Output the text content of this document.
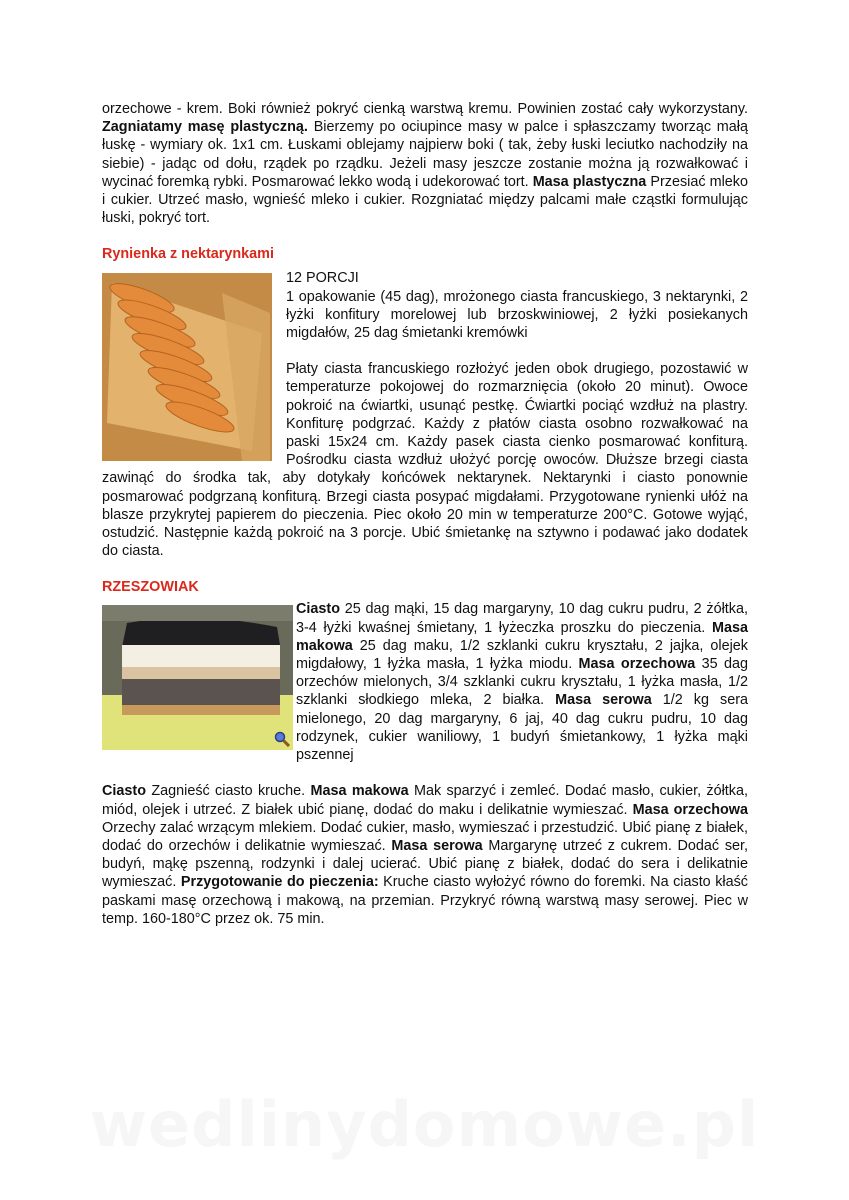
orzechowe - krem. Boki również pokryć cienką warstwą kremu. Powinien zostać cały wykorzystany. Zagniatamy masę plastyczną. Bierzemy po ociupince masy w palce i spłaszczamy tworząc małą łuskę - wymiary ok. 1x1 cm. Łuskami oblejamy najpierw boki ( tak, żeby łuski leciutko nachodziły na siebie) - jadąc od dołu, rządek po rządku. Jeżeli masy jeszcze zostanie można ją rozwałkować i wycinać foremką rybki. Posmarować lekko wodą i udekorować tort. Masa plastyczna Przesiać mleko i cukier. Utrzeć masło, wgnieść mleko i cukier. Rozgniatać między palcami małe cząstki formulując łuski, pokryć tort.

Rynienka z nektarynkami

12 PORCJI

1 opakowanie (45 dag), mrożonego ciasta francuskiego, 3 nektarynki, 2 łyżki konfitury morelowej lub brzoskwiniowej, 2 łyżki posiekanych migdałów, 25 dag śmietanki kremówki

Płaty ciasta francuskiego rozłożyć jeden obok drugiego, pozostawić w temperaturze pokojowej do rozmarznięcia (około 20 minut). Owoce pokroić na ćwiartki, usunąć pestkę. Ćwiartki pociąć wzdłuż na plastry. Konfiturę podgrzać. Każdy z płatów ciasta osobno rozwałkować na paski 15x24 cm. Każdy pasek ciasta cienko posmarować konfiturą. Pośrodku ciasta wzdłuż ułożyć porcję owoców. Dłuższe brzegi ciasta zawinąć do środka tak, aby dotykały końcówek nektarynek. Nektarynki i ciasto ponownie posmarować podgrzaną konfiturą. Brzegi ciasta posypać migdałami. Przygotowane rynienki ułóż na blasze przykrytej papierem do pieczenia. Piec około 20 min w temperaturze 200°C. Gotowe wyjąć, ostudzić. Następnie każdą pokroić na 3 porcje. Ubić śmietankę na sztywno i podawać jako dodatek do ciasta.

RZESZOWIAK

Ciasto 25 dag mąki, 15 dag margaryny, 10 dag cukru pudru, 2 żółtka, 3-4 łyżki kwaśnej śmietany, 1 łyżeczka proszku do pieczenia. Masa makowa 25 dag maku, 1/2 szklanki cukru kryształu, 2 jajka, olejek migdałowy, 1 łyżka masła, 1 łyżka miodu. Masa orzechowa 35 dag orzechów mielonych, 3/4 szklanki cukru kryształu, 1 łyżka masła, 1/2 szklanki słodkiego mleka, 2 białka. Masa serowa 1/2 kg sera mielonego, 20 dag margaryny, 6 jaj, 40 dag cukru pudru, 10 dag rodzynek, cukier waniliowy, 1 budyń śmietankowy, 1 łyżka mąki pszennej

Ciasto Zagnieść ciasto kruche. Masa makowa Mak sparzyć i zemleć. Dodać masło, cukier, żółtka, miód, olejek i utrzeć. Z białek ubić pianę, dodać do maku i delikatnie wymieszać. Masa orzechowa Orzechy zalać wrzącym mlekiem. Dodać cukier, masło, wymieszać i przestudzić. Ubić pianę z białek, dodać do orzechów i delikatnie wymieszać. Masa serowa Margarynę utrzeć z cukrem. Dodać ser, budyń, mąkę pszenną, rodzynki i dalej ucierać. Ubić pianę z białek, dodać do sera i delikatnie wymieszać. Przygotowanie do pieczenia: Kruche ciasto wyłożyć równo do foremki. Na ciasto kłaść paskami masę orzechową i makową, na przemian. Przykryć równą warstwą masy serowej. Piec w temp. 160-180°C przez ok. 75 min.

wedlinydomowe.pl
